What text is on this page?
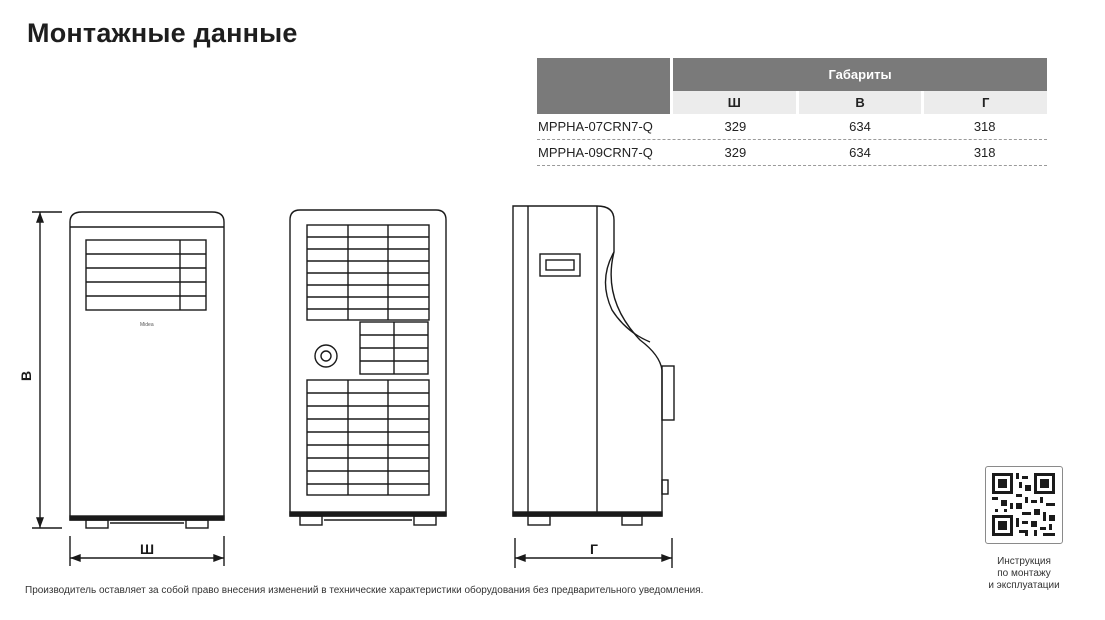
Монтажные данные
Габариты
Ш	В	Г
MPPHA-07CRN7-Q	329	634	318
MPPHA-09CRN7-Q	329	634	318
Midea
В
Ш	Г
Инструкция
по монтажу
и эксплуатации
Производитель оставляет за собой право внесения изменений в технические характеристики оборудования без предварительного уведомления.
